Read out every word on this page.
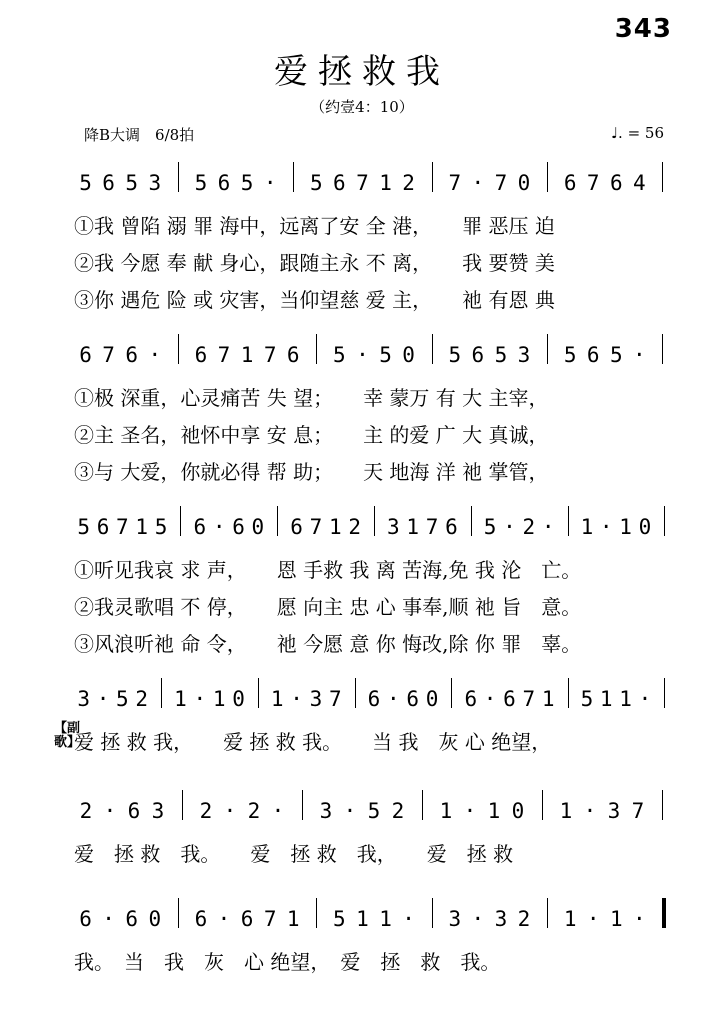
343
爱拯救我
（约壹4：10）
降B大调　6/8拍	♩. = 56
【副歌】
5 6 5 3 5 6 5 · 5 6 7 1 2 7 · 7 0 6 7 6 4
①我 曾陷 溺 罪 海中，远离了安 全 港，　　罪 恶压 迫
②我 今愿 奉 献 身心，跟随主永 不 离，　　我 要赞 美
③你 遇危 险 或 灾害，当仰望慈 爱 主，　　祂 有恩 典
6 7 6 · 6 7 1 7 6 5 · 5 0 5 6 5 3 5 6 5 ·
①极 深重，心灵痛苦 失 望；　　幸 蒙万 有 大 主宰，
②主 圣名，祂怀中享 安 息；　　主 的爱 广 大 真诚，
③与 大爱，你就必得 帮 助；　　天 地海 洋 祂 掌管，
5 6 7 1 5 6 · 6 0 6 7 1 2 3 1 7 6 5 · 2 · 1 · 1 0
①听见我哀 求 声，　　恩 手救 我 离 苦海,免 我 沦　亡。
②我灵歌唱 不 停，　　愿 向主 忠 心 事奉,顺 祂 旨　意。
③风浪听祂 命 令，　　祂 今愿 意 你 悔改,除 你 罪　辜。
3 · 5 2 1 · 1 0 1 · 3 7 6 · 6 0 6 · 6 7 1 5 1 1 ·
爱 拯 救 我，　　爱 拯 救 我。　　当 我　灰 心 绝望，
2 · 6 3 2 · 2 · 3 · 5 2 1 · 1 0 1 · 3 7
爱　拯 救　我。　　爱　拯 救　我，　　爱　拯 救
6 · 6 0 6 · 6 7 1 5 1 1 · 3 · 3 2 1 · 1 ·
我。　当　我　灰　心 绝望，　爱　拯　救　我。
